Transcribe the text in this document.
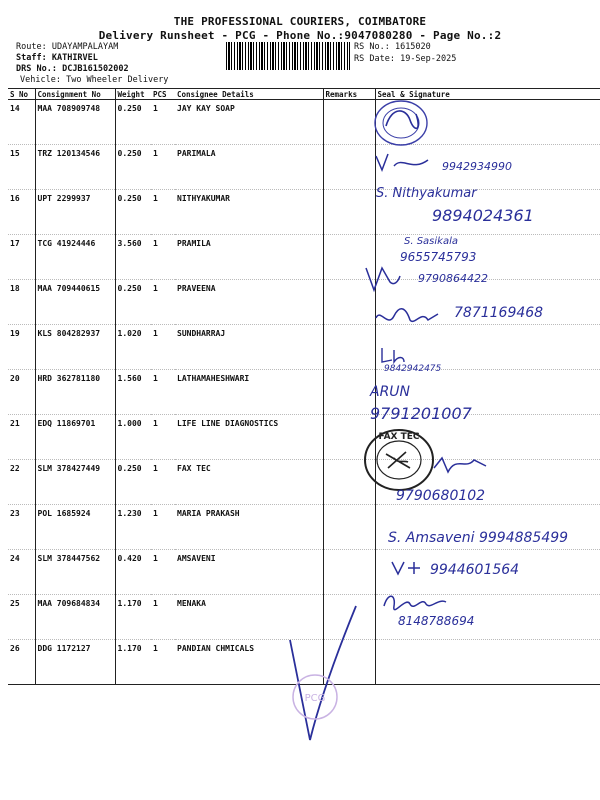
THE PROFESSIONAL COURIERS, COIMBATORE
Delivery Runsheet - PCG - Phone No.:9047080280 - Page No.:2
Route: UDAYAMPALAYAM
Staff: KATHIRVEL
DRS No.: DCJB161502002
Vehicle: Two Wheeler Delivery
RS No.: 1615020
RS Date: 19-Sep-2025
S No	Consignment No	Weight	PCS	Consignee Details	Remarks	Seal & Signature
14	MAA 708909748	0.250	1	JAY KAY SOAP		
15	TRZ 120134546	0.250	1	PARIMALA		
16	UPT 2299937	0.250	1	NITHYAKUMAR		
17	TCG 41924446	3.560	1	PRAMILA		
18	MAA 709440615	0.250	1	PRAVEENA		
19	KLS 804282937	1.020	1	SUNDHARRAJ		
20	HRD 362781180	1.560	1	LATHAMAHESHWARI		
21	EDQ 11869701	1.000	1	LIFE LINE DIAGNOSTICS		
22	SLM 378427449	0.250	1	FAX TEC		
23	POL 1685924	1.230	1	MARIA PRAKASH		
24	SLM 378447562	0.420	1	AMSAVENI		
25	MAA 709684834	1.170	1	MENAKA		
26	DDG 1172127	1.170	1	PANDIAN CHMICALS		
9942934990
S. Nithyakumar
9894024361
S. Sasikala
9655745793
9790864422
7871169468
9842942475
ARUN
9791201007
FAX TEC
9790680102
S. Amsaveni 9994885499
9944601564
8148788694
PCG
